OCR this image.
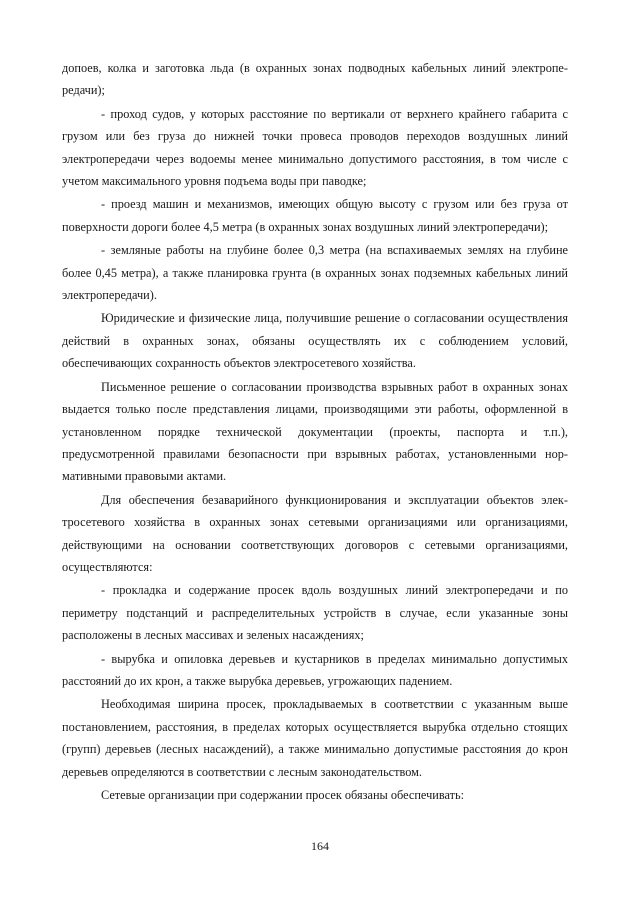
допоев, колка и заготовка льда (в охранных зонах подводных кабельных линий электропередачи);

- проход судов, у которых расстояние по вертикали от верхнего крайнего габарита с грузом или без груза до нижней точки провеса проводов переходов воздушных линий электропередачи через водоемы менее минимально допустимого расстояния, в том числе с учетом максимального уровня подъема воды при паводке;

- проезд машин и механизмов, имеющих общую высоту с грузом или без груза от поверхности дороги более 4,5 метра (в охранных зонах воздушных линий электропередачи);

- земляные работы на глубине более 0,3 метра (на вспахиваемых землях на глубине более 0,45 метра), а также планировка грунта (в охранных зонах подземных кабельных линий электропередачи).

Юридические и физические лица, получившие решение о согласовании осуществления действий в охранных зонах, обязаны осуществлять их с соблюдением условий, обеспечивающих сохранность объектов электросетевого хозяйства.

Письменное решение о согласовании производства взрывных работ в охранных зонах выдается только после представления лицами, производящими эти работы, оформленной в установленном порядке технической документации (проекты, паспорта и т.п.), предусмотренной правилами безопасности при взрывных работах, установленными нормативными правовыми актами.

Для обеспечения безаварийного функционирования и эксплуатации объектов электросетевого хозяйства в охранных зонах сетевыми организациями или организациями, действующими на основании соответствующих договоров с сетевыми организациями, осуществляются:

- прокладка и содержание просек вдоль воздушных линий электропередачи и по периметру подстанций и распределительных устройств в случае, если указанные зоны расположены в лесных массивах и зеленых насаждениях;

- вырубка и опиловка деревьев и кустарников в пределах минимально допустимых расстояний до их крон, а также вырубка деревьев, угрожающих падением.

Необходимая ширина просек, прокладываемых в соответствии с указанным выше постановлением, расстояния, в пределах которых осуществляется вырубка отдельно стоящих (групп) деревьев (лесных насаждений), а также минимально допустимые расстояния до крон деревьев определяются в соответствии с лесным законодательством.

Сетевые организации при содержании просек обязаны обеспечивать:

164
